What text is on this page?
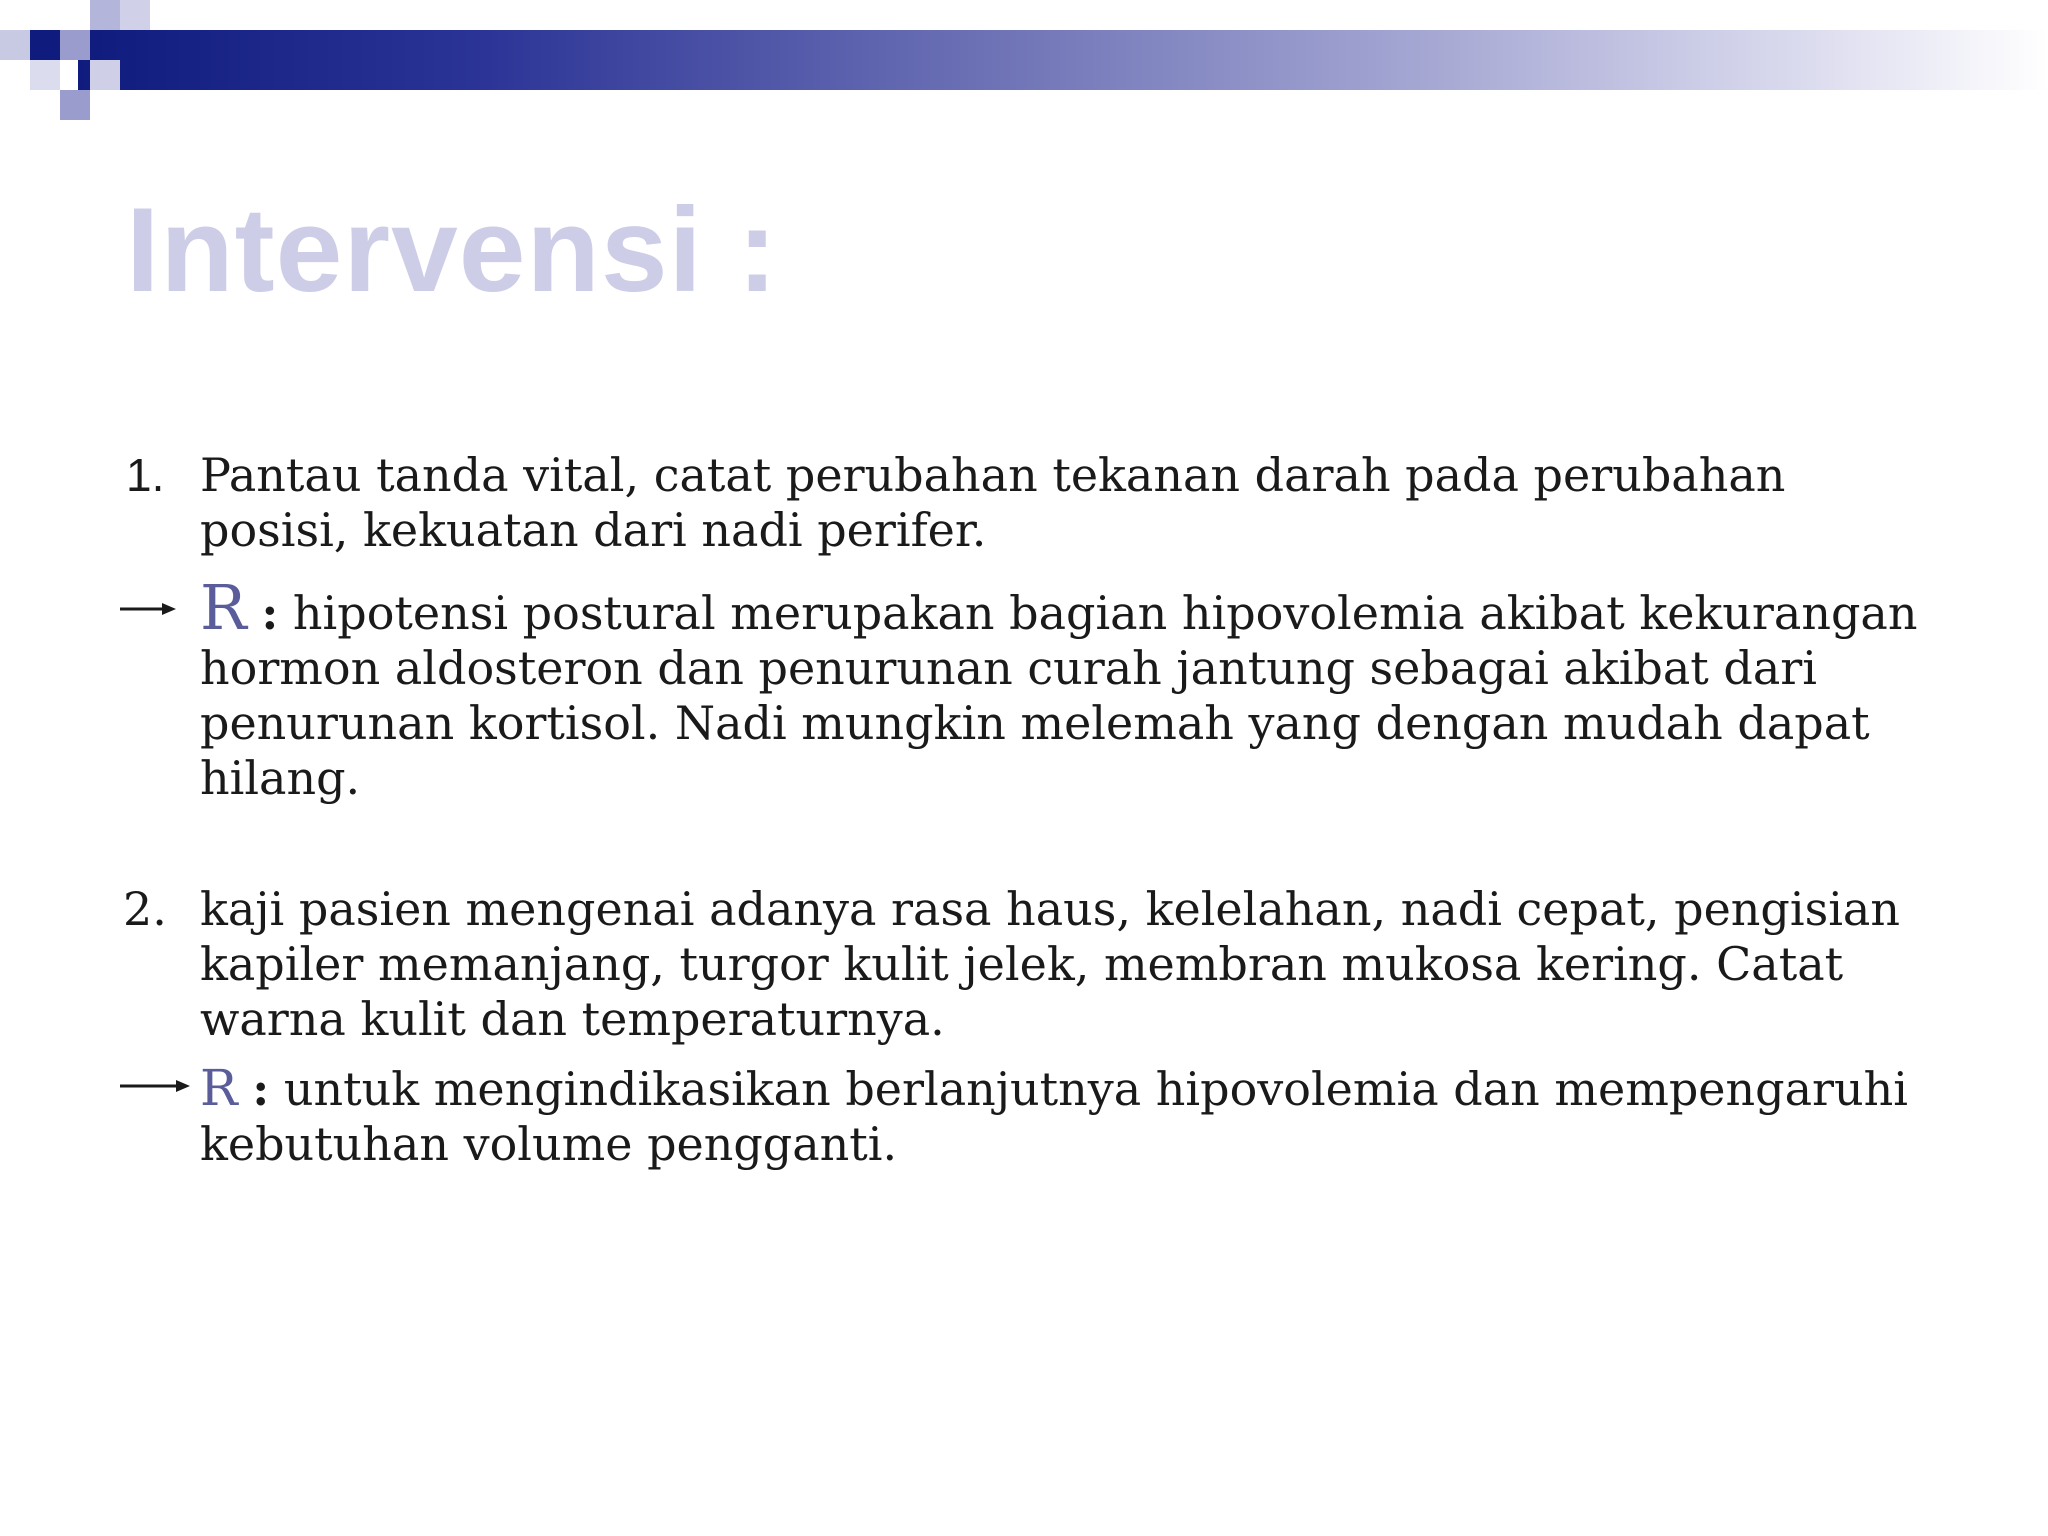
Intervensi :
1. Pantau tanda vital, catat perubahan tekanan darah pada perubahan posisi, kekuatan dari nadi perifer.
R : hipotensi postural merupakan bagian hipovolemia akibat kekurangan hormon aldosteron dan penurunan curah jantung sebagai akibat dari penurunan kortisol. Nadi mungkin melemah yang dengan mudah dapat hilang.
2. kaji pasien mengenai adanya rasa haus, kelelahan, nadi cepat, pengisian kapiler memanjang, turgor kulit jelek, membran mukosa kering. Catat warna kulit dan temperaturnya.
R : untuk mengindikasikan berlanjutnya hipovolemia dan mempengaruhi kebutuhan volume pengganti.
